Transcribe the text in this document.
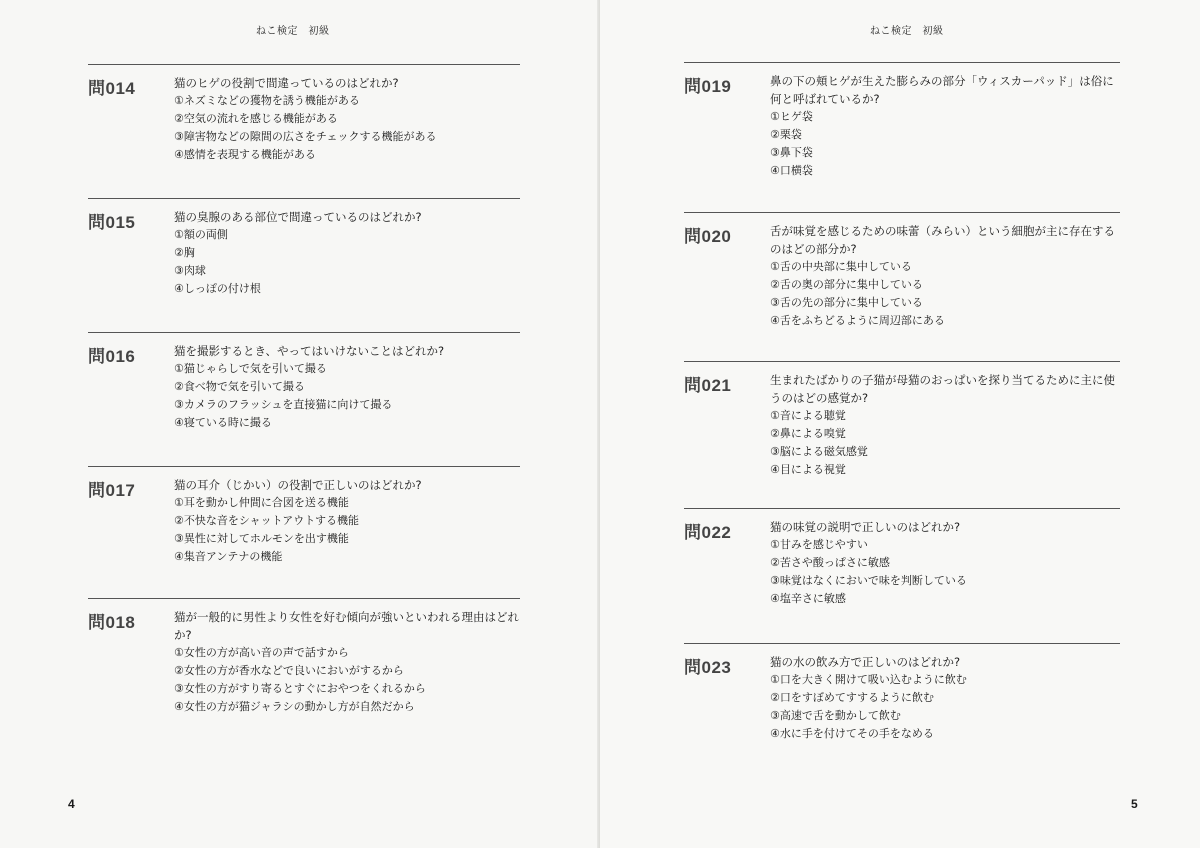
ねこ検定　初級
問014	猫のヒゲの役割で間違っているのはどれか?
①ネズミなどの獲物を誘う機能がある
②空気の流れを感じる機能がある
③障害物などの隙間の広さをチェックする機能がある
④感情を表現する機能がある
問015	猫の臭腺のある部位で間違っているのはどれか?
①額の両側
②胸
③肉球
④しっぽの付け根
問016	猫を撮影するとき、やってはいけないことはどれか?
①猫じゃらしで気を引いて撮る
②食べ物で気を引いて撮る
③カメラのフラッシュを直接猫に向けて撮る
④寝ている時に撮る
問017	猫の耳介（じかい）の役割で正しいのはどれか?
①耳を動かし仲間に合図を送る機能
②不快な音をシャットアウトする機能
③異性に対してホルモンを出す機能
④集音アンテナの機能
問018	猫が一般的に男性より女性を好む傾向が強いといわれる理由はどれか?
①女性の方が高い音の声で話すから
②女性の方が香水などで良いにおいがするから
③女性の方がすり寄るとすぐにおやつをくれるから
④女性の方が猫ジャラシの動かし方が自然だから
4
ねこ検定　初級
問019	鼻の下の頬ヒゲが生えた膨らみの部分「ウィスカーパッド」は俗に何と呼ばれているか?
①ヒゲ袋
②栗袋
③鼻下袋
④口横袋
問020	舌が味覚を感じるための味蕾（みらい）という細胞が主に存在するのはどの部分か?
①舌の中央部に集中している
②舌の奥の部分に集中している
③舌の先の部分に集中している
④舌をふちどるように周辺部にある
問021	生まれたばかりの子猫が母猫のおっぱいを探り当てるために主に使うのはどの感覚か?
①音による聴覚
②鼻による嗅覚
③脳による磁気感覚
④目による視覚
問022	猫の味覚の説明で正しいのはどれか?
①甘みを感じやすい
②苦さや酸っぱさに敏感
③味覚はなくにおいで味を判断している
④塩辛さに敏感
問023	猫の水の飲み方で正しいのはどれか?
①口を大きく開けて吸い込むように飲む
②口をすぼめてすするように飲む
③高速で舌を動かして飲む
④水に手を付けてその手をなめる
5
